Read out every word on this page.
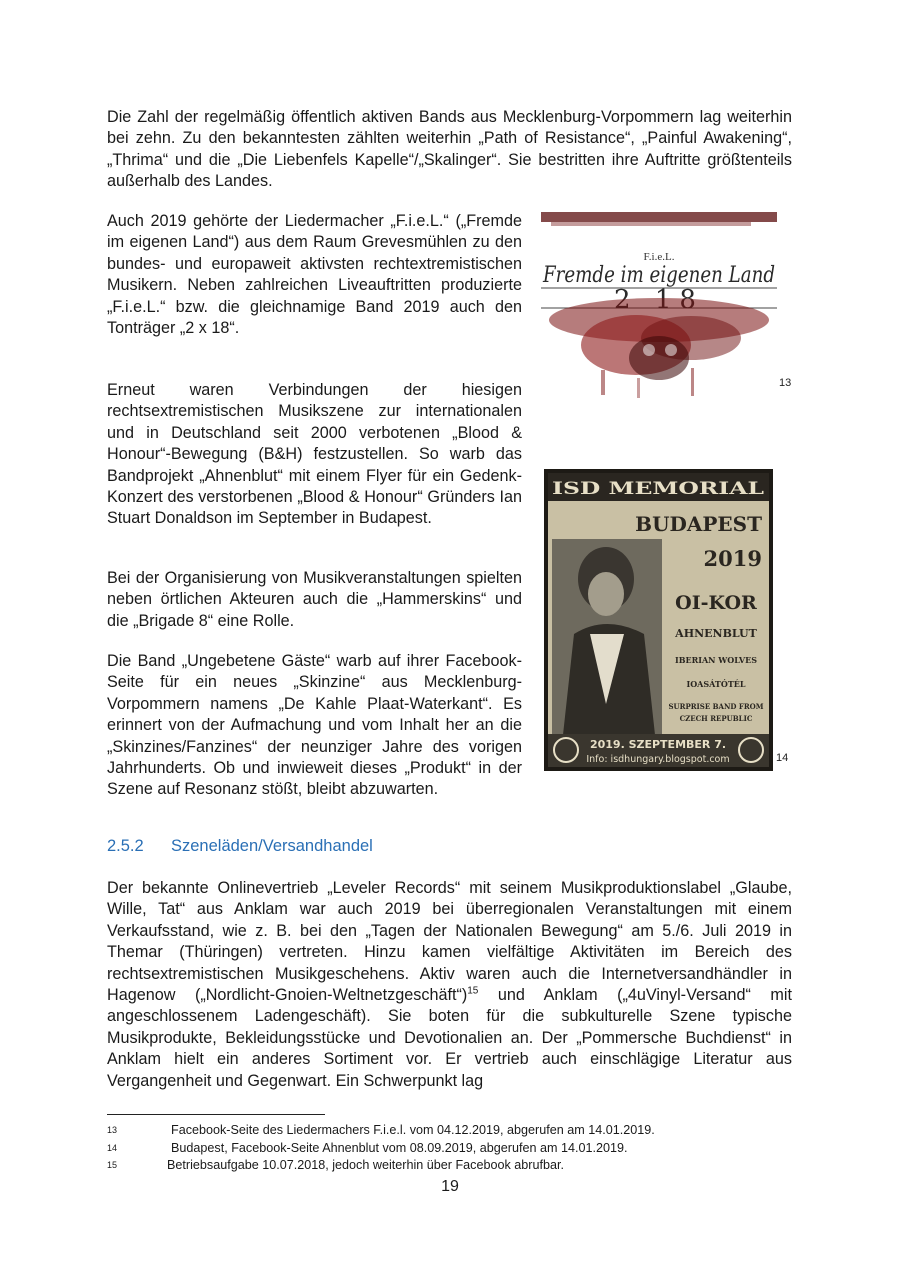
Die Zahl der regelmäßig öffentlich aktiven Bands aus Mecklenburg-Vorpommern lag weiterhin bei zehn. Zu den bekanntesten zählten weiterhin „Path of Resistance“, „Painful Awakening“, „Thrima“ und die „Die Liebenfels Kapelle“/„Skalinger“. Sie bestritten ihre Auftritte größtenteils außerhalb des Landes.

Auch 2019 gehörte der Liedermacher „F.i.e.L.“ („Fremde im eigenen Land“) aus dem Raum Grevesmühlen zu den bundes- und europaweit aktivsten rechtextremistischen Musikern. Neben zahlreichen Liveauftritten produzierte „F.i.e.L.“ bzw. die gleichnamige Band 2019 auch den Tonträger „2 x 18“.

Erneut waren Verbindungen der hiesigen rechtsextremistischen Musikszene zur internationalen und in Deutschland seit 2000 verbotenen „Blood & Honour“-Bewegung (B&H) festzustellen. So warb das Bandprojekt „Ahnenblut“ mit einem Flyer für ein Gedenk-Konzert des verstorbenen „Blood & Honour“ Gründers Ian Stuart Donaldson im September in Budapest.

Bei der Organisierung von Musikveranstaltungen spielten neben örtlichen Akteuren auch die „Hammerskins“ und die „Brigade 8“ eine Rolle.

Die Band „Ungebetene Gäste“ warb auf ihrer Facebook-Seite für ein neues „Skinzine“ aus Mecklenburg-Vorpommern namens „De Kahle Plaat-Waterkant“. Es erinnert von der Aufmachung und vom Inhalt her an die „Skinzines/Fanzines“ der neunziger Jahre des vorigen Jahrhunderts. Ob und inwieweit dieses „Produkt“ in der Szene auf Resonanz stößt, bleibt abzuwarten.

2.5.2 Szeneläden/Versandhandel

Der bekannte Onlinevertrieb „Leveler Records“ mit seinem Musikproduktionslabel „Glaube, Wille, Tat“ aus Anklam war auch 2019 bei überregionalen Veranstaltungen mit einem Verkaufsstand, wie z. B. bei den „Tagen der Nationalen Bewegung“ am 5./6. Juli 2019 in Themar (Thüringen) vertreten. Hinzu kamen vielfältige Aktivitäten im Bereich des rechtsextremistischen Musikgeschehens. Aktiv waren auch die Internetversandhändler in Hagenow („Nordlicht-Gnoien-Weltnetzgeschäft“)$^{15}$ und Anklam („4uVinyl-Versand“ mit angeschlossenem Ladengeschäft). Sie boten für die subkulturelle Szene typische Musikprodukte, Bekleidungsstücke und Devotionalien an. Der „Pommersche Buchdienst“ in Anklam hielt ein anderes Sortiment vor. Er vertrieb auch einschlägige Literatur aus Vergangenheit und Gegenwart. Ein Schwerpunkt lag

F.i.e.L.
Fremde im eigenen Land
13
ISD MEMORIAL
BUDAPEST
2019
OI-KOR
AHNENBLUT
IBERIAN WOLVES
IOASÁTÓTÉL
SURPRISE BAND FROM
CZECH REPUBLIC
2019. SZEPTEMBER 7.
Info: isdhungary.blogspot.com	14
13	Facebook-Seite des Liedermachers F.i.e.l. vom 04.12.2019, abgerufen am 14.01.2019.
14	Budapest, Facebook-Seite Ahnenblut vom 08.09.2019, abgerufen am 14.01.2019.
15	Betriebsaufgabe 10.07.2018, jedoch weiterhin über Facebook abrufbar.
19
